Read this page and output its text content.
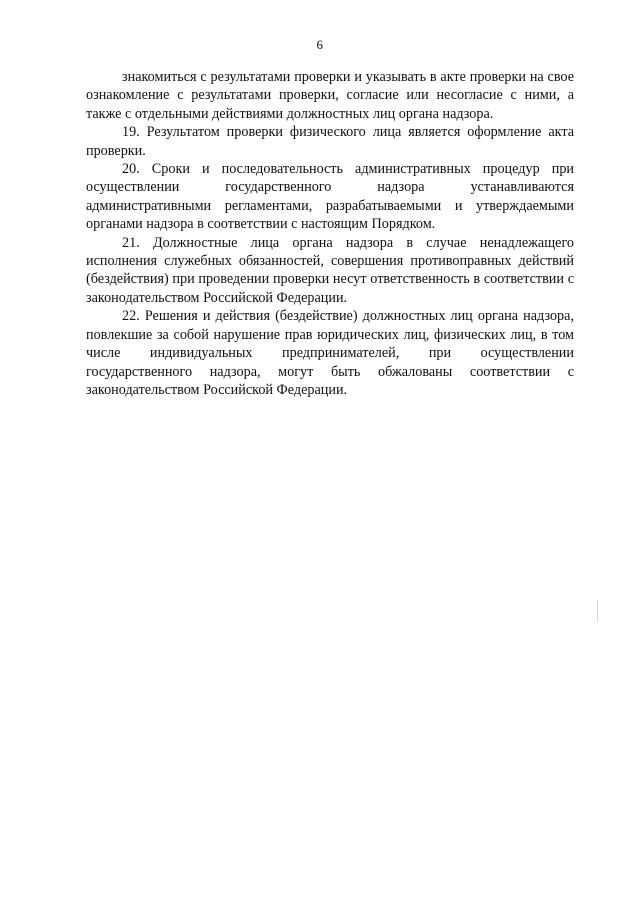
6

знакомиться с результатами проверки и указывать в акте проверки на свое ознакомление с результатами проверки, согласие или несогласие с ними, а также с отдельными действиями должностных лиц органа надзора.

19. Результатом проверки физического лица является оформление акта проверки.

20. Сроки и последовательность административных процедур при осуществлении государственного надзора устанавливаются административными регламентами, разрабатываемыми и утверждаемыми органами надзора в соответствии с настоящим Порядком.

21. Должностные лица органа надзора в случае ненадлежащего исполнения служебных обязанностей, совершения противоправных действий (бездействия) при проведении проверки несут ответственность в соответствии с законодательством Российской Федерации.

22. Решения и действия (бездействие) должностных лиц органа надзора, повлекшие за собой нарушение прав юридических лиц, физических лиц, в том числе индивидуальных предпринимателей, при осуществлении государственного надзора, могут быть обжалованы соответствии с законодательством Российской Федерации.
